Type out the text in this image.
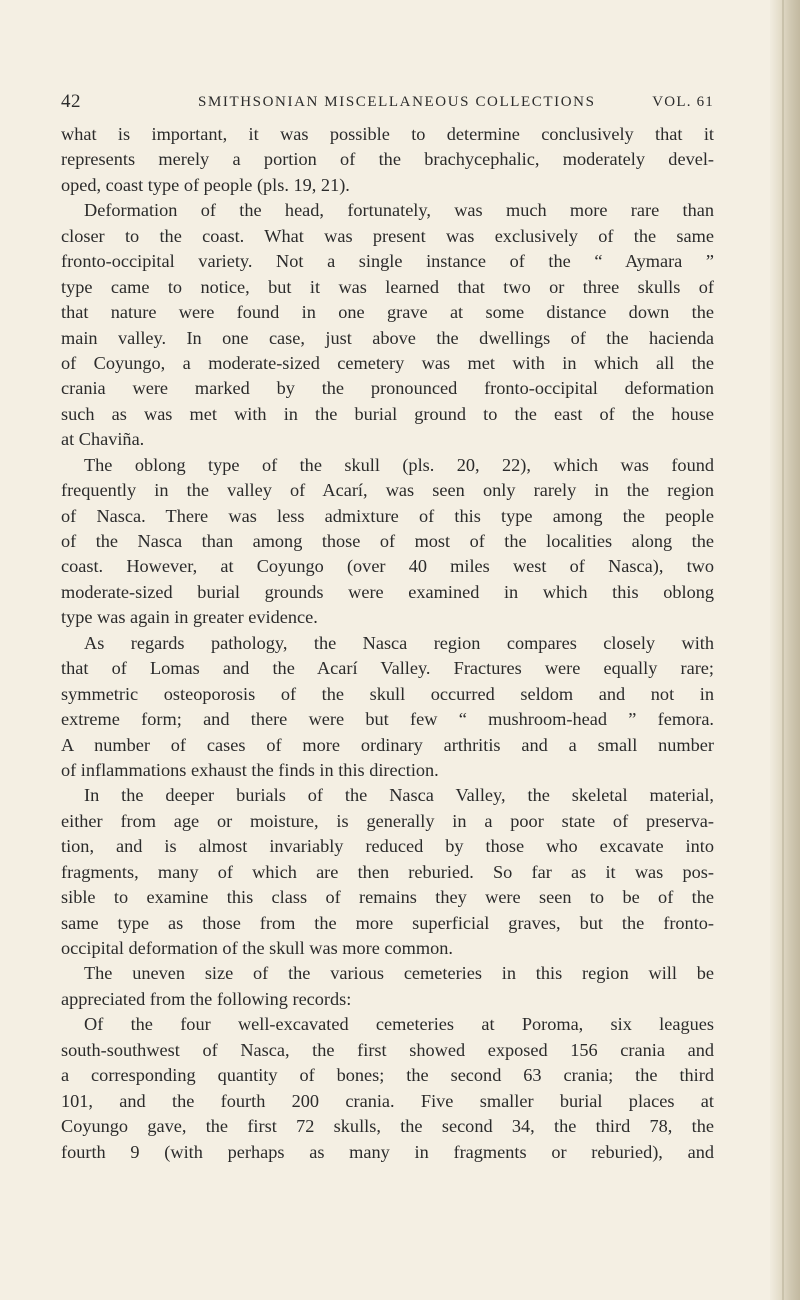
42	SMITHSONIAN MISCELLANEOUS COLLECTIONS	VOL. 61
what is important, it was possible to determine conclusively that it
represents merely a portion of the brachycephalic, moderately devel-
oped, coast type of people (pls. 19, 21).
Deformation of the head, fortunately, was much more rare than
closer to the coast. What was present was exclusively of the same
fronto-occipital variety. Not a single instance of the “ Aymara ”
type came to notice, but it was learned that two or three skulls of
that nature were found in one grave at some distance down the
main valley. In one case, just above the dwellings of the hacienda
of Coyungo, a moderate-sized cemetery was met with in which all the
crania were marked by the pronounced fronto-occipital deformation
such as was met with in the burial ground to the east of the house
at Chaviña.
The oblong type of the skull (pls. 20, 22), which was found
frequently in the valley of Acarí, was seen only rarely in the region
of Nasca. There was less admixture of this type among the people
of the Nasca than among those of most of the localities along the
coast. However, at Coyungo (over 40 miles west of Nasca), two
moderate-sized burial grounds were examined in which this oblong
type was again in greater evidence.
As regards pathology, the Nasca region compares closely with
that of Lomas and the Acarí Valley. Fractures were equally rare;
symmetric osteoporosis of the skull occurred seldom and not in
extreme form; and there were but few “ mushroom-head ” femora.
A number of cases of more ordinary arthritis and a small number
of inflammations exhaust the finds in this direction.
In the deeper burials of the Nasca Valley, the skeletal material,
either from age or moisture, is generally in a poor state of preserva-
tion, and is almost invariably reduced by those who excavate into
fragments, many of which are then reburied. So far as it was pos-
sible to examine this class of remains they were seen to be of the
same type as those from the more superficial graves, but the fronto-
occipital deformation of the skull was more common.
The uneven size of the various cemeteries in this region will be
appreciated from the following records:
Of the four well-excavated cemeteries at Poroma, six leagues
south-southwest of Nasca, the first showed exposed 156 crania and
a corresponding quantity of bones; the second 63 crania; the third
101, and the fourth 200 crania. Five smaller burial places at
Coyungo gave, the first 72 skulls, the second 34, the third 78, the
fourth 9 (with perhaps as many in fragments or reburied), and
